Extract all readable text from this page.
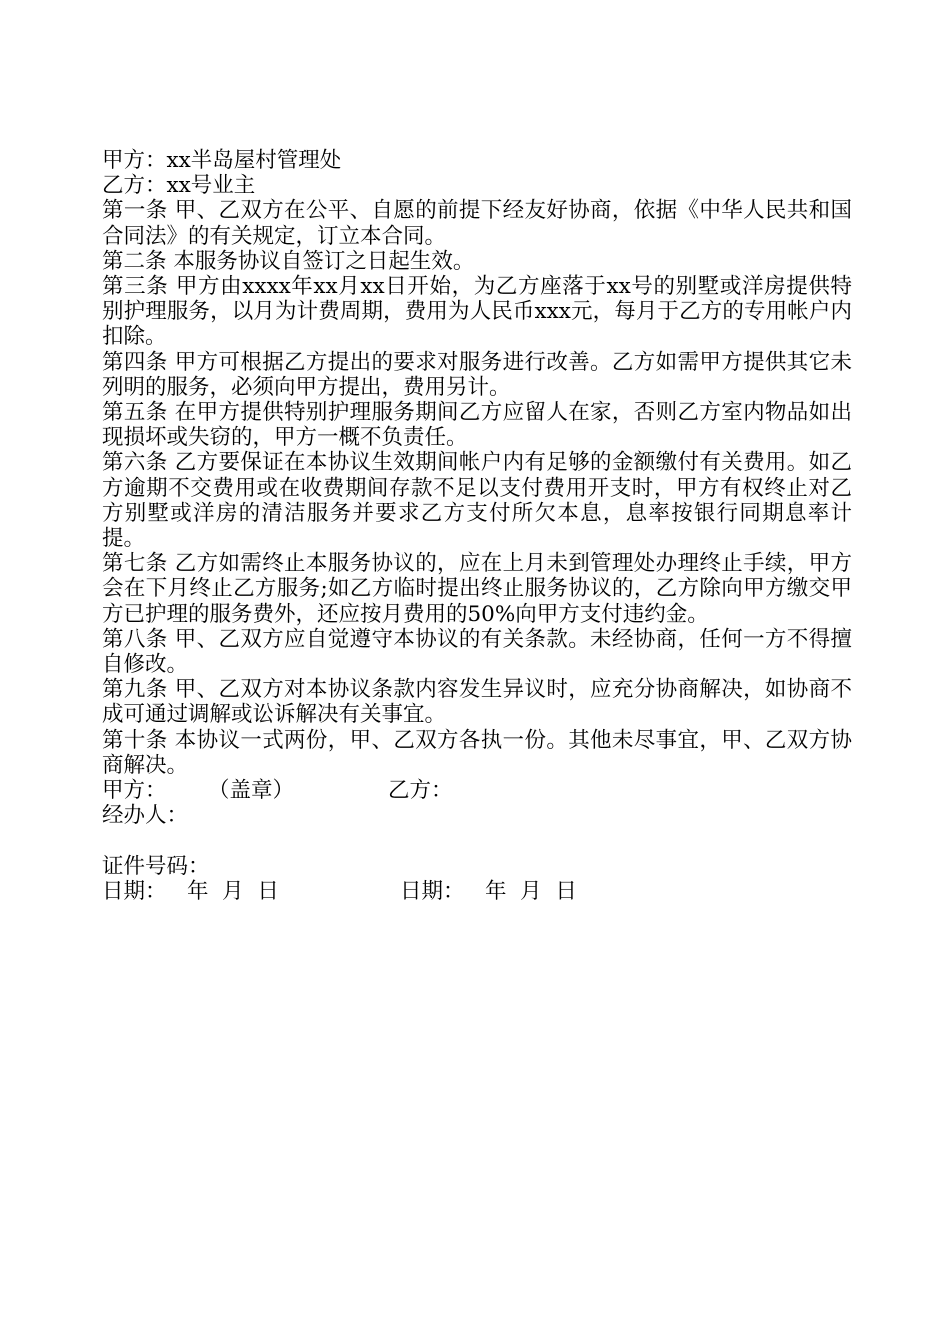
甲方：xx半岛屋村管理处
乙方：xx号业主
第一条 甲、乙双方在公平、自愿的前提下经友好协商，依据《中华人民共和国合同法》的有关规定，订立本合同。
第二条 本服务协议自签订之日起生效。
第三条 甲方由xxxx年xx月xx日开始，为乙方座落于xx号的别墅或洋房提供特别护理服务，以月为计费周期，费用为人民币xxx元，每月于乙方的专用帐户内扣除。
第四条 甲方可根据乙方提出的要求对服务进行改善。乙方如需甲方提供其它未列明的服务，必须向甲方提出，费用另计。
第五条 在甲方提供特别护理服务期间乙方应留人在家，否则乙方室内物品如出现损坏或失窃的，甲方一概不负责任。
第六条 乙方要保证在本协议生效期间帐户内有足够的金额缴付有关费用。如乙方逾期不交费用或在收费期间存款不足以支付费用开支时，甲方有权终止对乙方别墅或洋房的清洁服务并要求乙方支付所欠本息，息率按银行同期息率计提。
第七条 乙方如需终止本服务协议的，应在上月未到管理处办理终止手续，甲方会在下月终止乙方服务;如乙方临时提出终止服务协议的，乙方除向甲方缴交甲方已护理的服务费外，还应按月费用的50%向甲方支付违约金。
第八条 甲、乙双方应自觉遵守本协议的有关条款。未经协商，任何一方不得擅自修改。
第九条 甲、乙双方对本协议条款内容发生异议时，应充分协商解决，如协商不成可通过调解或讼诉解决有关事宜。
第十条 本协议一式两份，甲、乙双方各执一份。其他未尽事宜，甲、乙双方协商解决。
甲方： （盖章）	乙方：
经办人：
证件号码：
日期：   年  月  日	日期：   年  月  日
